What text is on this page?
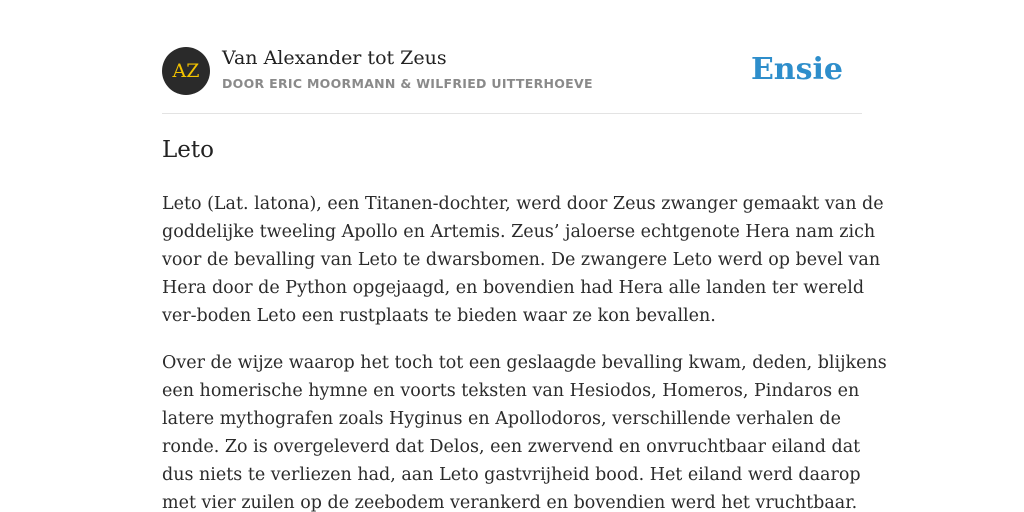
AZ
Van Alexander tot Zeus
DOOR ERIC MOORMANN & WILFRIED UITTERHOEVE	Ensie
Leto
Leto (Lat. latona), een Titanen-dochter, werd door Zeus zwanger gemaakt van de
goddelijke tweeling Apollo en Artemis. Zeus’ jaloerse echtgenote Hera nam zich
voor de bevalling van Leto te dwarsbomen. De zwangere Leto werd op bevel van
Hera door de Python opgejaagd, en bovendien had Hera alle landen ter wereld
ver-boden Leto een rustplaats te bieden waar ze kon bevallen.
Over de wijze waarop het toch tot een geslaagde bevalling kwam, deden, blijkens
een homerische hymne en voorts teksten van Hesiodos, Homeros, Pindaros en
latere mythografen zoals Hyginus en Apollodoros, verschillende verhalen de
ronde. Zo is overgeleverd dat Delos, een zwervend en onvruchtbaar eiland dat
dus niets te verliezen had, aan Leto gastvrijheid bood. Het eiland werd daarop
met vier zuilen op de zeebodem verankerd en bovendien werd het vruchtbaar.
